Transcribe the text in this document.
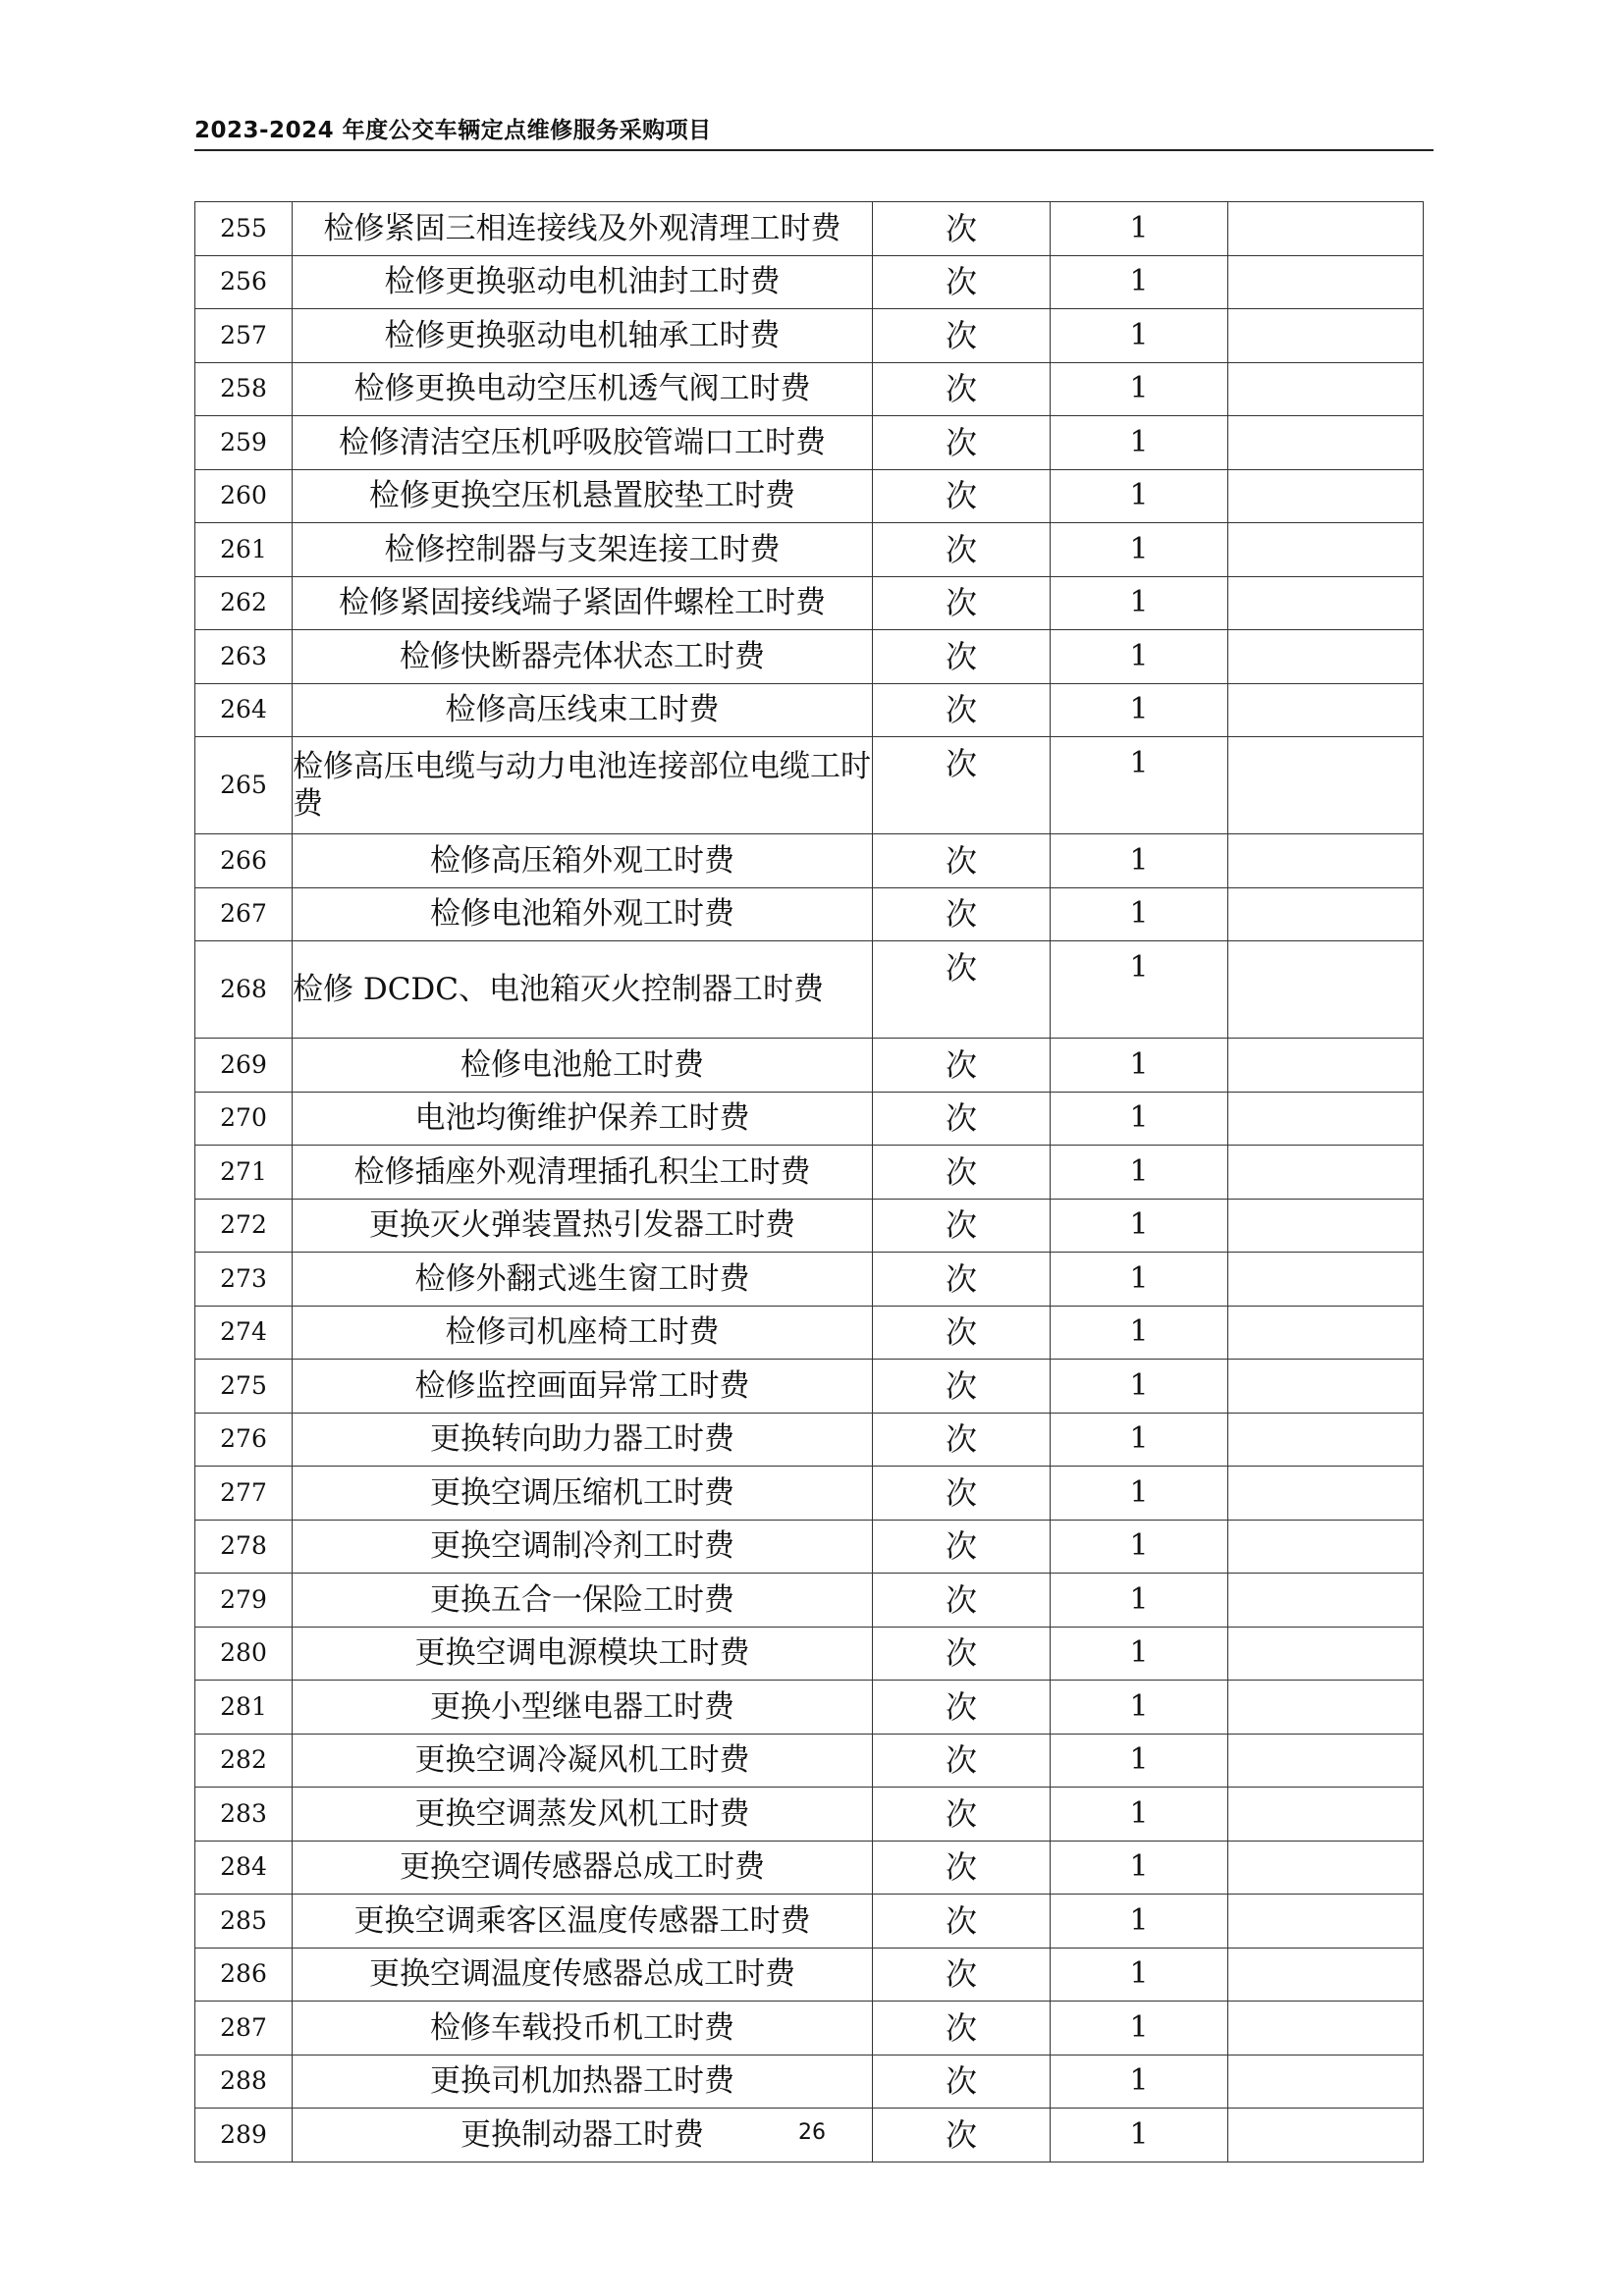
2023-2024 年度公交车辆定点维修服务采购项目
255	检修紧固三相连接线及外观清理工时费	次	1	
256	检修更换驱动电机油封工时费	次	1	
257	检修更换驱动电机轴承工时费	次	1	
258	检修更换电动空压机透气阀工时费	次	1	
259	检修清洁空压机呼吸胶管端口工时费	次	1	
260	检修更换空压机悬置胶垫工时费	次	1	
261	检修控制器与支架连接工时费	次	1	
262	检修紧固接线端子紧固件螺栓工时费	次	1	
263	检修快断器壳体状态工时费	次	1	
264	检修高压线束工时费	次	1	
265	检修高压电缆与动力电池连接部位电缆工时费	次	1	
266	检修高压箱外观工时费	次	1	
267	检修电池箱外观工时费	次	1	
268	检修 DCDC、电池箱灭火控制器工时费	次	1	
269	检修电池舱工时费	次	1	
270	电池均衡维护保养工时费	次	1	
271	检修插座外观清理插孔积尘工时费	次	1	
272	更换灭火弹装置热引发器工时费	次	1	
273	检修外翻式逃生窗工时费	次	1	
274	检修司机座椅工时费	次	1	
275	检修监控画面异常工时费	次	1	
276	更换转向助力器工时费	次	1	
277	更换空调压缩机工时费	次	1	
278	更换空调制冷剂工时费	次	1	
279	更换五合一保险工时费	次	1	
280	更换空调电源模块工时费	次	1	
281	更换小型继电器工时费	次	1	
282	更换空调冷凝风机工时费	次	1	
283	更换空调蒸发风机工时费	次	1	
284	更换空调传感器总成工时费	次	1	
285	更换空调乘客区温度传感器工时费	次	1	
286	更换空调温度传感器总成工时费	次	1	
287	检修车载投币机工时费	次	1	
288	更换司机加热器工时费	次	1	
289	更换制动器工时费	次	1	
26
